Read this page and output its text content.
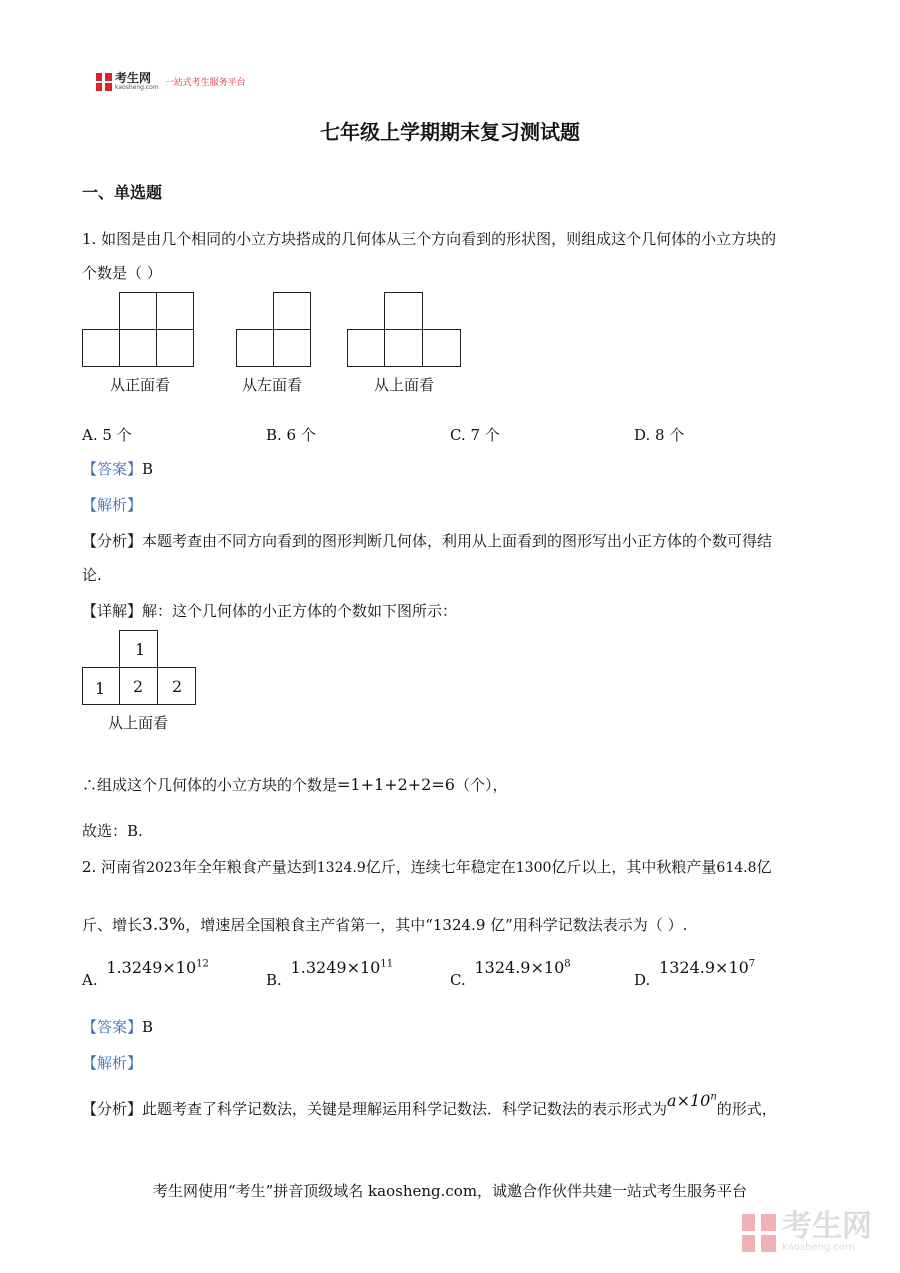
考生网
kaosheng.com 一站式考生服务平台
七年级上学期期末复习测试题
一、单选题
1. 如图是由几个相同的小立方块搭成的几何体从三个方向看到的形状图，则组成这个几何体的小立方块的
个数是（ ）
从正面看	从左面看	从上面看
A. 5 个	B. 6 个	C. 7 个	D. 8 个
【答案】B
【解析】
【分析】本题考查由不同方向看到的图形判断几何体，利用从上面看到的图形写出小正方体的个数可得结
论.
【详解】解：这个几何体的小正方体的个数如下图所示：
1
1 2 2
从上面看
∴组成这个几何体的小立方块的个数是=1+1+2+2=6（个），
故选：B.
2. 河南省2023年全年粮食产量达到1324.9亿斤，连续七年稳定在1300亿斤以上，其中秋粮产量614.8亿
斤、增长3.3%，增速居全国粮食主产省第一，其中“1324.9 亿”用科学记数法表示为（ ）.
A. $1.3249\times 10^{12}$
B. $1.3249\times 10^{11}$
C. $1324.9\times 10^8$
D. $1324.9\times 10^7$
【答案】B
【解析】
【分析】此题考查了科学记数法，关键是理解运用科学记数法．科学记数法的表示形式为$a\times 10^n$的形式，
考生网使用“考生”拼音顶级域名 kaosheng.com，诚邀合作伙伴共建一站式考生服务平台
考生网
kaosheng.com
